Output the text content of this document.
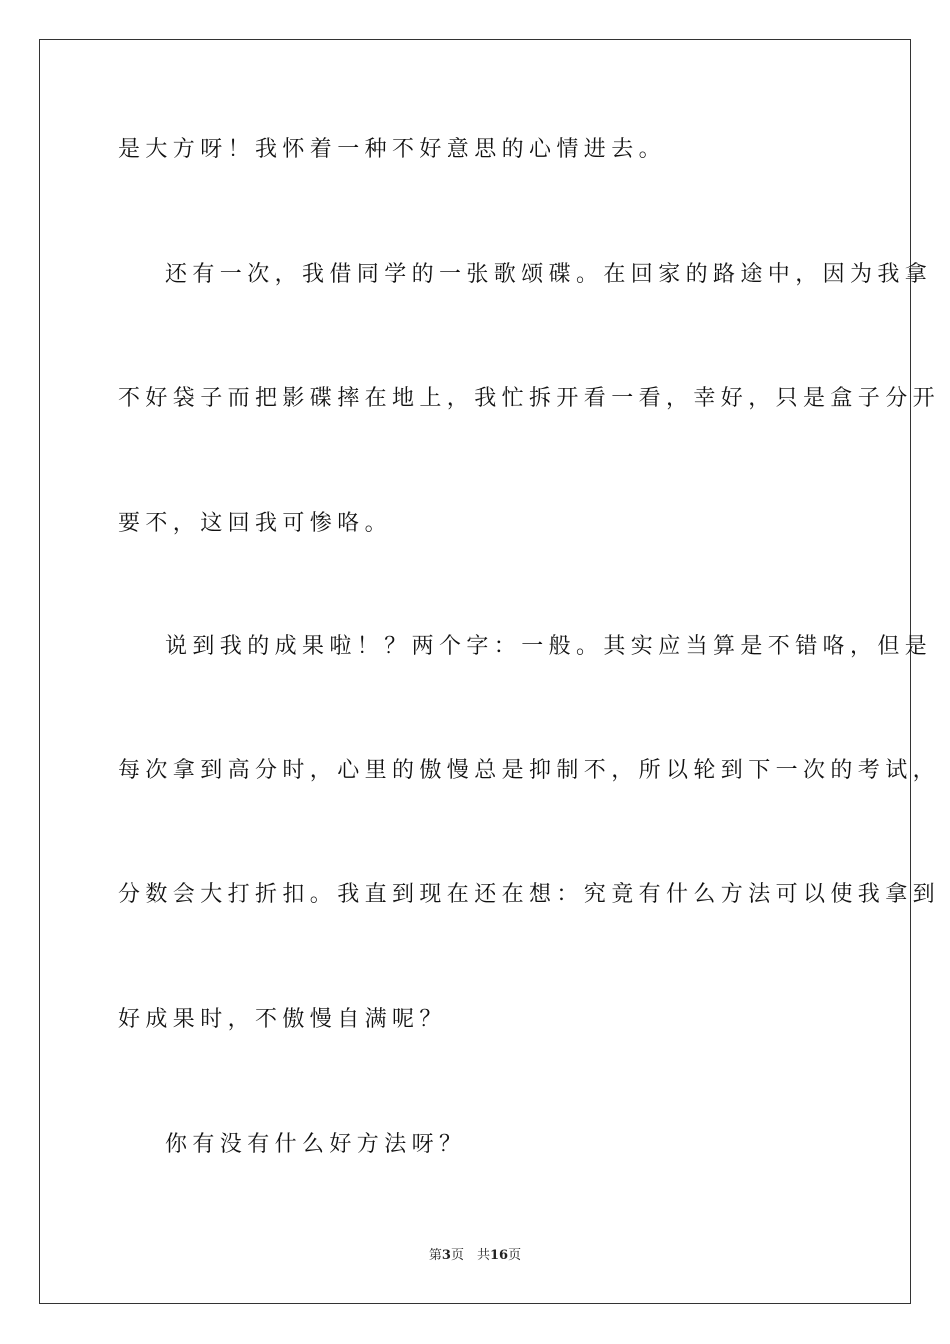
是大方呀！我怀着一种不好意思的心情进去。
还有一次，我借同学的一张歌颂碟。在回家的路途中，因为我拿
不好袋子而把影碟摔在地上，我忙拆开看一看，幸好，只是盒子分开
要不，这回我可惨咯。
说到我的成果啦！？两个字：一般。其实应当算是不错咯，但是
每次拿到高分时，心里的傲慢总是抑制不，所以轮到下一次的考试，
分数会大打折扣。我直到现在还在想：究竟有什么方法可以使我拿到
好成果时，不傲慢自满呢？
你有没有什么好方法呀？
第3页　共16页
